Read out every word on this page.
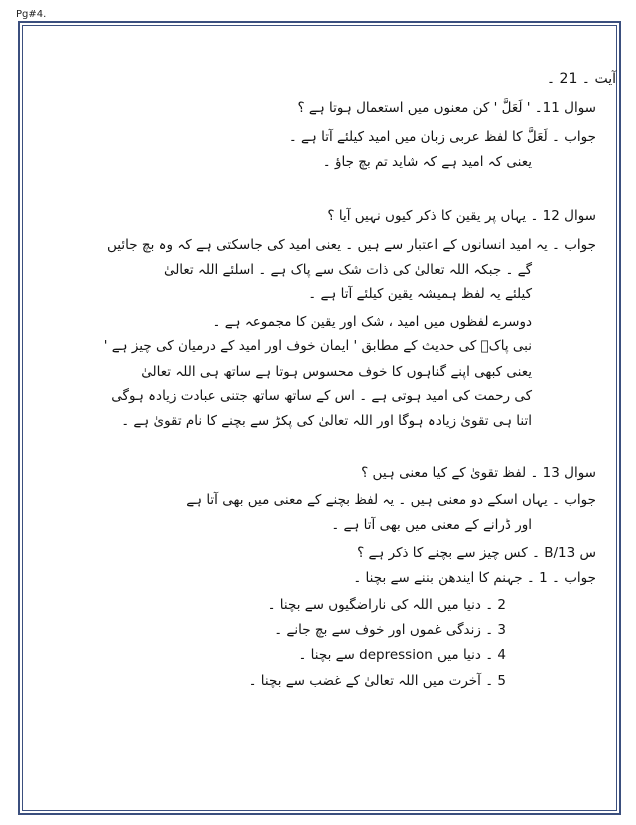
Pg#4.
آیت ۔ 21 ۔
سوال 11۔ ' لَعَلَّ ' کن معنوں میں استعمال ہوتا ہے ؟
جواب ۔ لَعَلَّ کا لفظ عربی زبان میں امید کیلئے آتا ہے ۔
یعنی کہ امید ہے کہ شاید تم بچ جاؤ ۔
سوال 12 ۔ یہاں پر یقین کا ذکر کیوں نہیں آیا ؟
جواب ۔ یہ امید انسانوں کے اعتبار سے ہیں ۔ یعنی امید کی جاسکتی ہے کہ وہ بچ جائیں
گے ۔ جبکہ اللہ تعالیٰ کی ذات شک سے پاک ہے ۔ اسلئے اللہ تعالیٰ
کیلئے یہ لفظ ہمیشہ یقین کیلئے آتا ہے ۔
دوسرے لفظوں میں امید ، شک اور یقین کا مجموعہ ہے ۔
نبی پاکؐ کی حدیث کے مطابق ' ایمان خوف اور امید کے درمیان کی چیز ہے '
یعنی کبھی اپنے گناہوں کا خوف محسوس ہوتا ہے ساتھ ہی اللہ تعالیٰ
کی رحمت کی امید ہوتی ہے ۔ اس کے ساتھ ساتھ جتنی عبادت زیادہ ہوگی
اتنا ہی تقویٰ زیادہ ہوگا اور اللہ تعالیٰ کی پکڑ سے بچنے کا نام تقویٰ ہے ۔
سوال 13 ۔ لفظ تقویٰ کے کیا معنی ہیں ؟
جواب ۔ یہاں اسکے دو معنی ہیں ۔ یہ لفظ بچنے کے معنی میں بھی آتا ہے
اور ڈرانے کے معنی میں بھی آتا ہے ۔
س 13/B ۔ کس چیز سے بچنے کا ذکر ہے ؟
جواب ۔ 1 ۔ جہنم کا ایندھن بننے سے بچنا ۔
2 ۔ دنیا میں اللہ کی ناراضگیوں سے بچنا ۔
3 ۔ زندگی غموں اور خوف سے بچ جانے ۔
4 ۔ دنیا میں depression سے بچنا ۔
5 ۔ آخرت میں اللہ تعالیٰ کے غضب سے بچنا ۔
